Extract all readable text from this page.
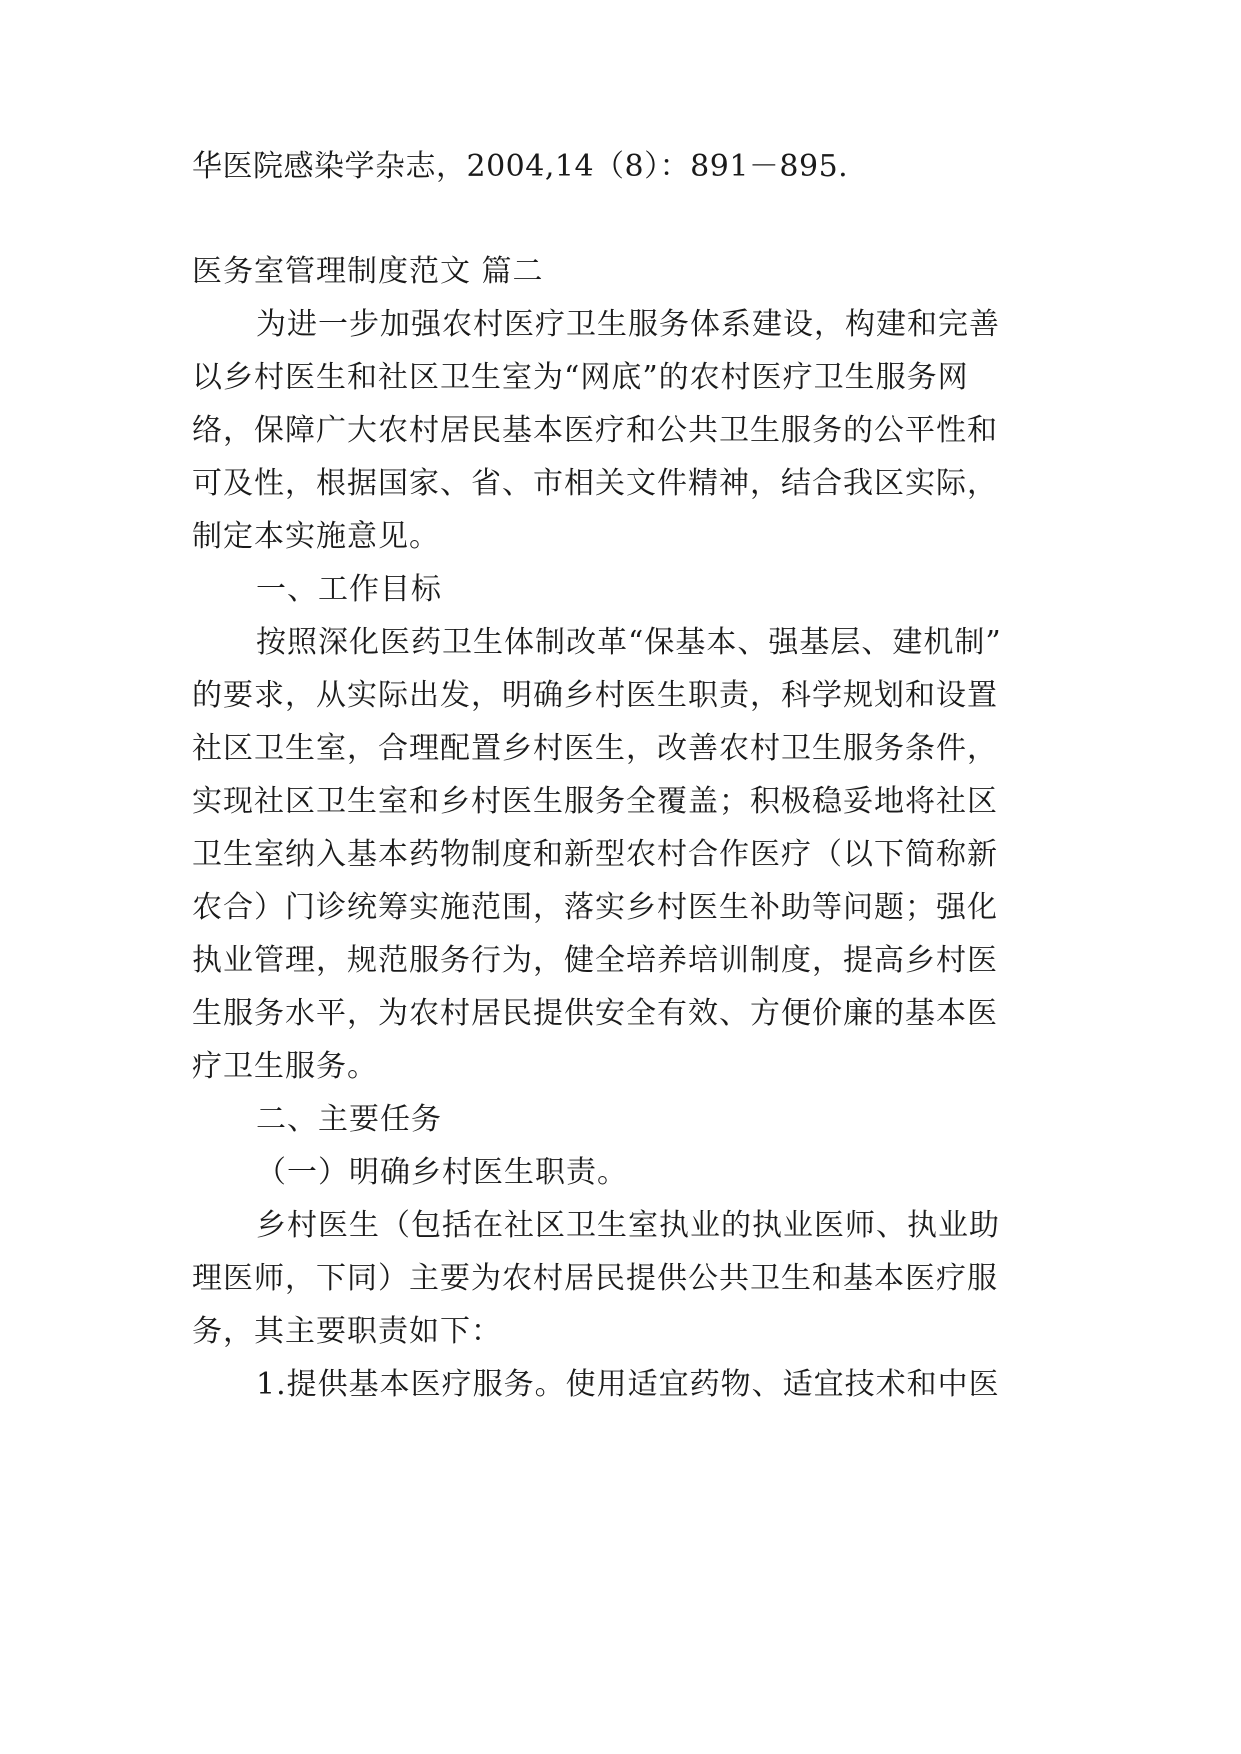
华医院感染学杂志，2004,14（8）：891－895.
医务室管理制度范文 篇二
为进一步加强农村医疗卫生服务体系建设，构建和完善
以乡村医生和社区卫生室为“网底”的农村医疗卫生服务网
络，保障广大农村居民基本医疗和公共卫生服务的公平性和
可及性，根据国家、省、市相关文件精神，结合我区实际，
制定本实施意见。
一、工作目标
按照深化医药卫生体制改革“保基本、强基层、建机制”
的要求，从实际出发，明确乡村医生职责，科学规划和设置
社区卫生室，合理配置乡村医生，改善农村卫生服务条件，
实现社区卫生室和乡村医生服务全覆盖；积极稳妥地将社区
卫生室纳入基本药物制度和新型农村合作医疗（以下简称新
农合）门诊统筹实施范围，落实乡村医生补助等问题；强化
执业管理，规范服务行为，健全培养培训制度，提高乡村医
生服务水平，为农村居民提供安全有效、方便价廉的基本医
疗卫生服务。
二、主要任务
（一）明确乡村医生职责。
乡村医生（包括在社区卫生室执业的执业医师、执业助
理医师，下同）主要为农村居民提供公共卫生和基本医疗服
务，其主要职责如下：
1.提供基本医疗服务。使用适宜药物、适宜技术和中医
